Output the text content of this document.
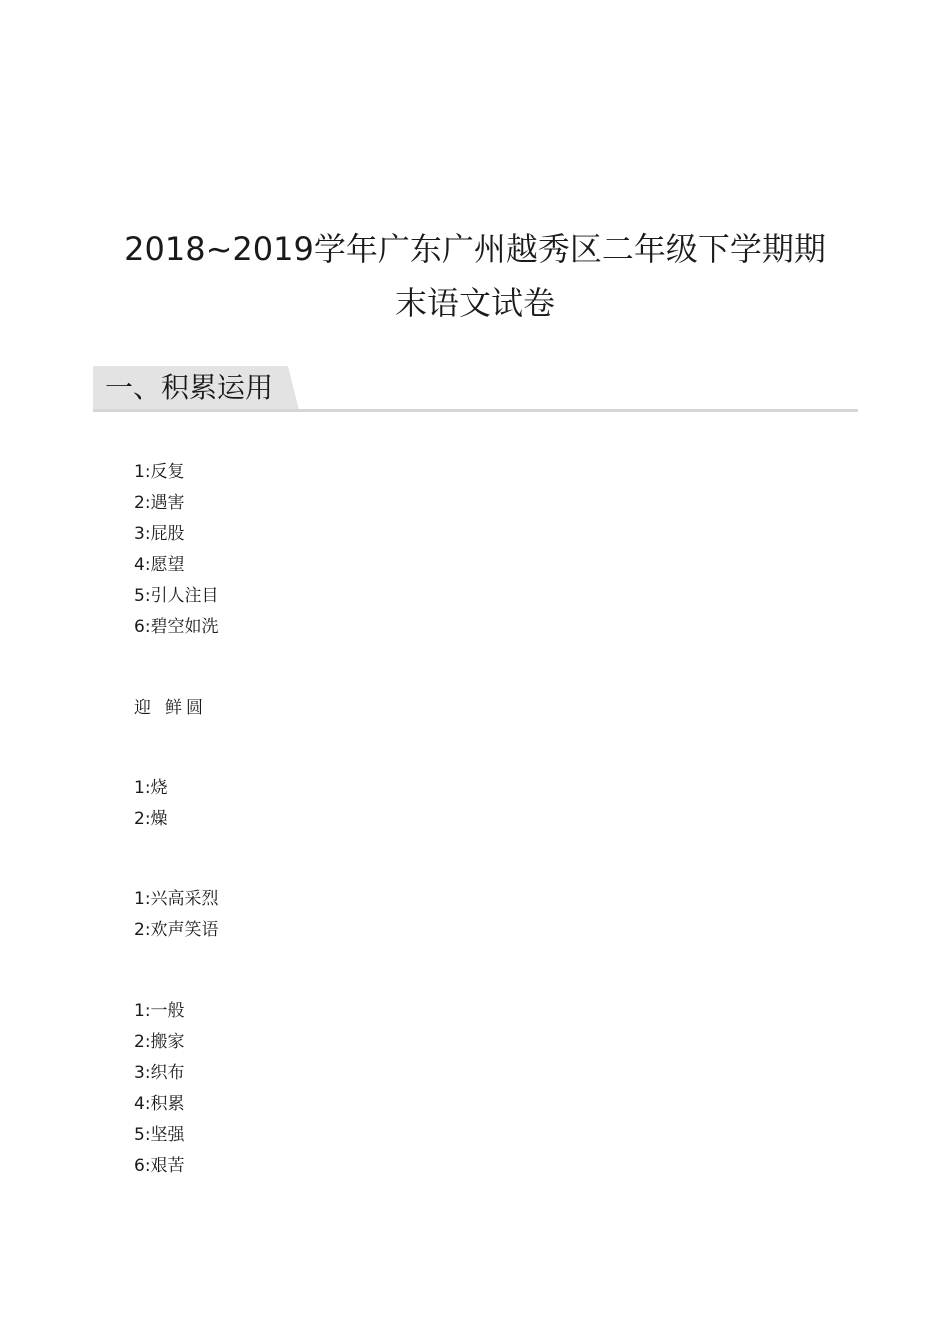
2018~2019学年广东广州越秀区二年级下学期期
末语文试卷
一、积累运用
1:反复
2:遇害
3:屁股
4:愿望
5:引人注目
6:碧空如洗
迎 鲜 圆
1:烧
2:燥
1:兴高采烈
2:欢声笑语
1:一般
2:搬家
3:织布
4:积累
5:坚强
6:艰苦
